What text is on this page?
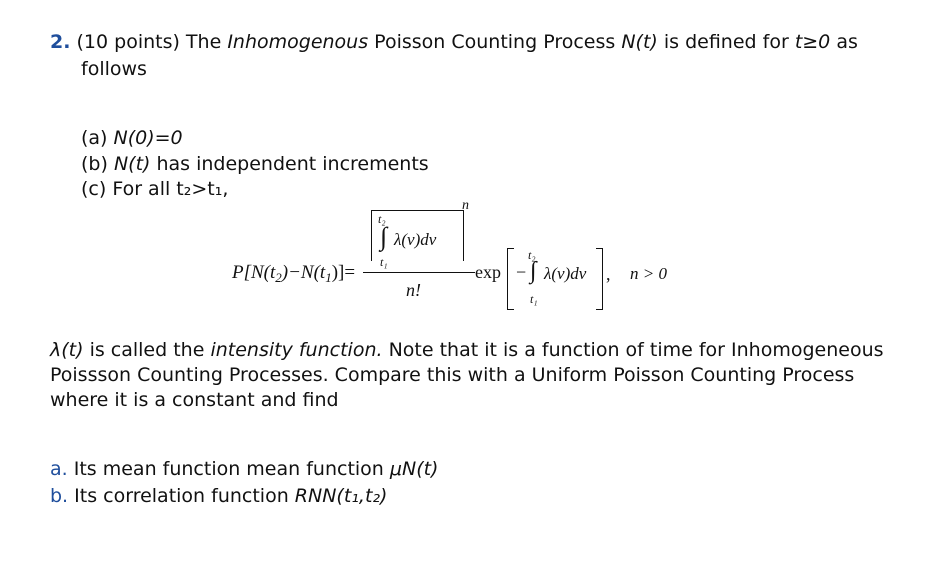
2. (10 points) The Inhomogenous Poisson Counting Process N(t) is defined for t≥0 as
follows
(a) N(0)=0
(b) N(t) has independent increments
(c) For all t₂>t₁,
$P[N(t_2)-N(t_1)]=$
t₂
∫ λ(v)dv
t₁
n
n!
exp −
t₂
∫ λ(v)dv
t₁
, n > 0
λ(t) is called the intensity function. Note that it is a function of time for Inhomogeneous
Poissson Counting Processes. Compare this with a Uniform Poisson Counting Process
where it is a constant and find
a. Its mean function mean function μN(t)
b. Its correlation function RNN(t₁,t₂)
